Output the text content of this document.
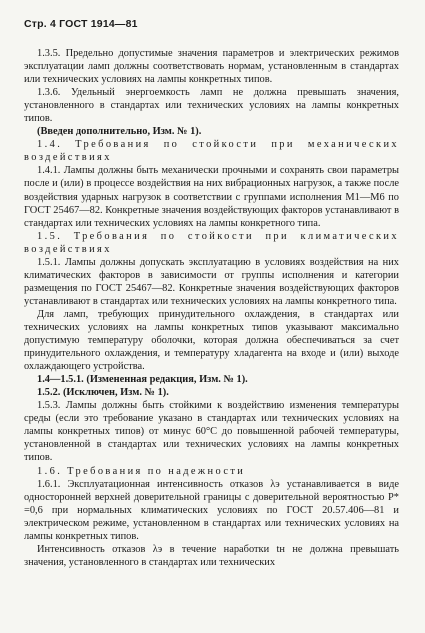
Стр. 4 ГОСТ 1914—81

1.3.5. Предельно допустимые значения параметров и электрических режимов эксплуатации ламп должны соответствовать нормам, установленным в стандартах или технических условиях на лампы конкретных типов.

1.3.6. Удельный энергоемкость ламп не должна превышать значения, установленного в стандартах или технических условиях на лампы конкретных типов.

(Введен дополнительно, Изм. № 1).

1.4. Требования по стойкости при механических воздействиях

1.4.1. Лампы должны быть механически прочными и сохранять свои параметры после и (или) в процессе воздействия на них вибрационных нагрузок, а также после воздействия ударных нагрузок в соответствии с группами исполнения М1—М6 по ГОСТ 25467—82. Конкретные значения воздействующих факторов устанавливают в стандартах или технических условиях на лампы конкретного типа.

1.5. Требования по стойкости при климатических воздействиях

1.5.1. Лампы должны допускать эксплуатацию в условиях воздействия на них климатических факторов в зависимости от группы исполнения и категории размещения по ГОСТ 25467—82. Конкретные значения воздействующих факторов устанавливают в стандартах или технических условиях на лампы конкретного типа.

Для ламп, требующих принудительного охлаждения, в стандартах или технических условиях на лампы конкретных типов указывают максимально допустимую температуру оболочки, которая должна обеспечиваться за счет принудительного охлаждения, и температуру хладагента на входе и (или) выходе охлаждающего устройства.

1.4—1.5.1. (Измененная редакция, Изм. № 1).

1.5.2. (Исключен, Изм. № 1).

1.5.3. Лампы должны быть стойкими к воздействию изменения температуры среды (если это требование указано в стандартах или технических условиях на лампы конкретных типов) от минус 60°С до повышенной рабочей температуры, установленной в стандартах или технических условиях на лампы конкретных типов.

1.6. Требования по надежности

1.6.1. Эксплуатационная интенсивность отказов λэ устанавливается в виде односторонней верхней доверительной границы с доверительной вероятностью P* =0,6 при нормальных климатических условиях по ГОСТ 20.57.406—81 и электрическом режиме, установленном в стандартах или технических условиях на лампы конкретных типов.

Интенсивность отказов λэ в течение наработки tн не должна превышать значения, установленного в стандартах или технических
